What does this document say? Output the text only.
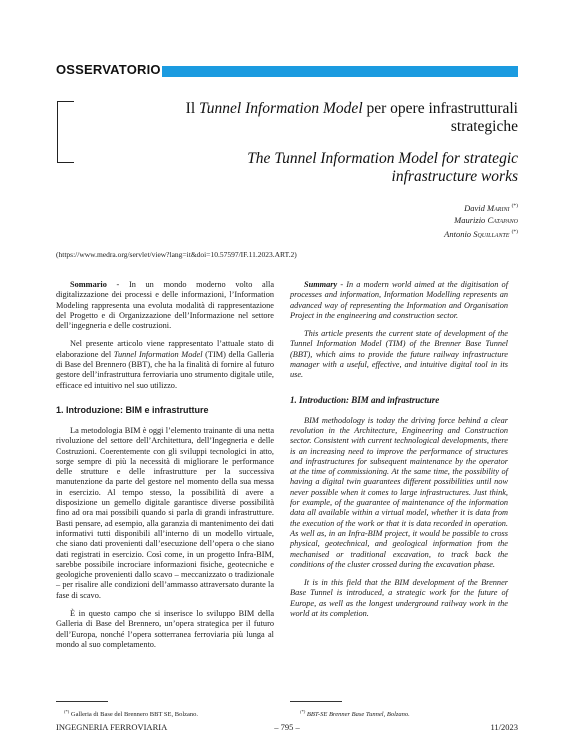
OSSERVATORIO
Il Tunnel Information Model per opere infrastrutturali strategiche
The Tunnel Information Model for strategic infrastructure works
David Marini (*)
Maurizio Catapano
Antonio Squillante (*)
(https://www.medra.org/servlet/view?lang=it&doi=10.57597/IF.11.2023.ART.2)

Sommario - In un mondo moderno volto alla digitalizzazione dei processi e delle informazioni, l’Information Modeling rappresenta una evoluta modalità di rappresentazione del Progetto e di Organizzazione dell’Informazione nel settore dell’ingegneria e delle costruzioni.

Nel presente articolo viene rappresentato l’attuale stato di elaborazione del Tunnel Information Model (TIM) della Galleria di Base del Brennero (BBT), che ha la finalità di fornire al futuro gestore dell’infrastruttura ferroviaria uno strumento digitale utile, efficace ed intuitivo nel suo utilizzo.

1. Introduzione: BIM e infrastrutture

La metodologia BIM è oggi l’elemento trainante di una netta rivoluzione del settore dell’Architettura, dell’Ingegneria e delle Costruzioni. Coerentemente con gli sviluppi tecnologici in atto, sorge sempre di più la necessità di migliorare le performance delle strutture e delle infrastrutture per la successiva manutenzione da parte del gestore nel momento della sua messa in esercizio. Al tempo stesso, la possibilità di avere a disposizione un gemello digitale garantisce diverse possibilità fino ad ora mai possibili quando si parla di grandi infrastrutture. Basti pensare, ad esempio, alla garanzia di mantenimento dei dati informativi tutti disponibili all’interno di un modello virtuale, che siano dati provenienti dall’esecuzione dell’opera o che siano dati registrati in esercizio. Così come, in un progetto Infra-BIM, sarebbe possibile incrociare informazioni fisiche, geotecniche e geologiche provenienti dallo scavo – meccanizzato o tradizionale – per risalire alle condizioni dell’ammasso attraversato durante la fase di scavo.

È in questo campo che si inserisce lo sviluppo BIM della Galleria di Base del Brennero, un’opera strategica per il futuro dell’Europa, nonché l’opera sotterranea ferroviaria più lunga al mondo al suo completamento.

Summary - In a modern world aimed at the digitisation of processes and information, Information Modelling represents an advanced way of representing the Information and Organisation Project in the engineering and construction sector.

This article presents the current state of development of the Tunnel Information Model (TIM) of the Brenner Base Tunnel (BBT), which aims to provide the future railway infrastructure manager with a useful, effective, and intuitive digital tool in its use.

1. Introduction: BIM and infrastructure

BIM methodology is today the driving force behind a clear revolution in the Architecture, Engineering and Construction sector. Consistent with current technological developments, there is an increasing need to improve the performance of structures and infrastructures for subsequent maintenance by the operator at the time of commissioning. At the same time, the possibility of having a digital twin guarantees different possibilities until now never possible when it comes to large infrastructures. Just think, for example, of the guarantee of maintenance of the information data all available within a virtual model, whether it is data from the execution of the work or that it is data recorded in operation. As well as, in an Infra-BIM project, it would be possible to cross physical, geotechnical, and geological information from the mechanised or traditional excavation, to track back the conditions of the cluster crossed during the excavation phase.

It is in this field that the BIM development of the Brenner Base Tunnel is introduced, a strategic work for the future of Europe, as well as the longest underground railway work in the world at its completion.

(*) Galleria di Base del Brennero BBT SE, Bolzano.	(*) BBT-SE Brenner Base Tunnel, Bolzano.
INGEGNERIA FERROVIARIA	– 795 –	11/2023
